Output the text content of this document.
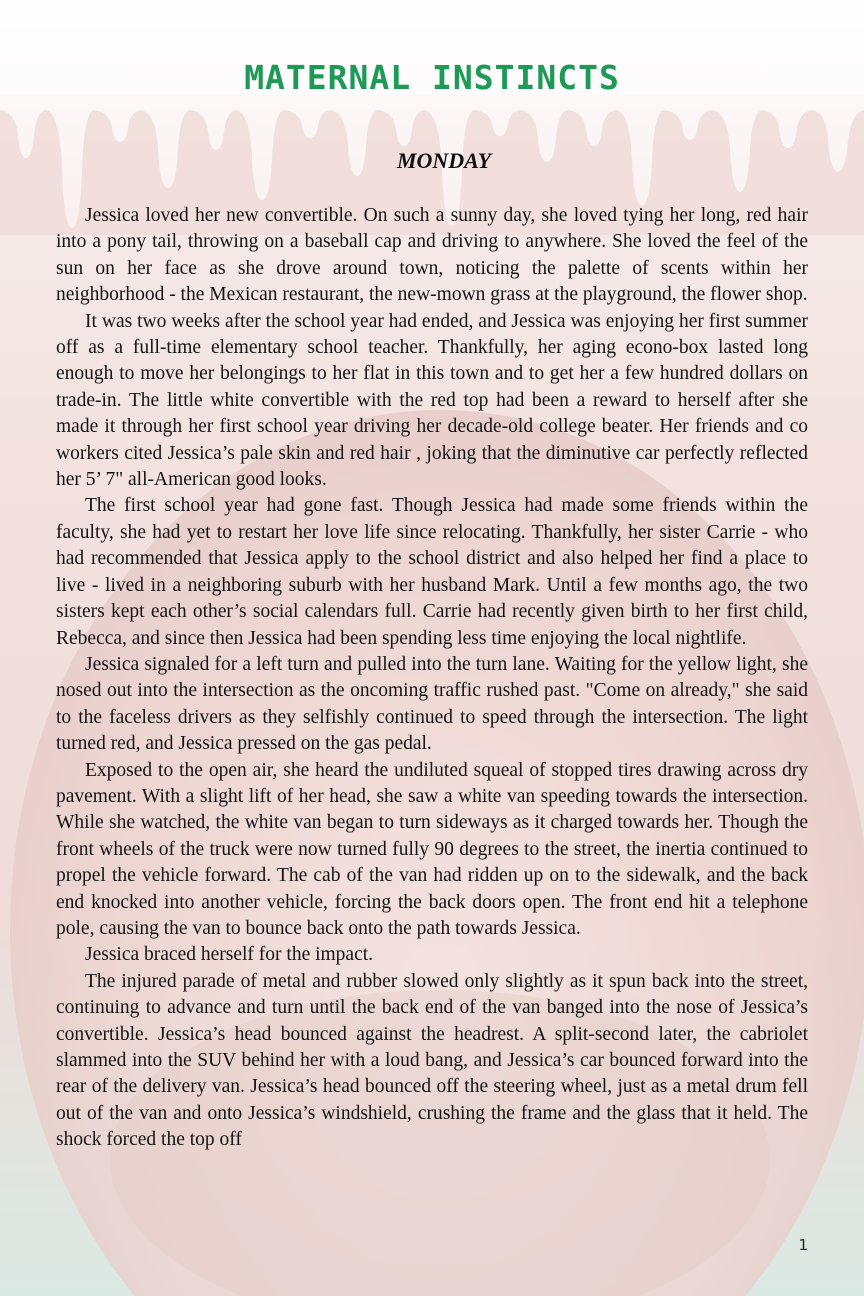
MATERNAL INSTINCTS
MONDAY

Jessica loved her new convertible. On such a sunny day, she loved tying her long, red hair into a pony tail, throwing on a baseball cap and driving to anywhere. She loved the feel of the sun on her face as she drove around town, noticing the palette of scents within her neighborhood - the Mexican restaurant, the new-mown grass at the playground, the flower shop.

It was two weeks after the school year had ended, and Jessica was enjoying her first summer off as a full-time elementary school teacher. Thankfully, her aging econo-box lasted long enough to move her belongings to her flat in this town and to get her a few hundred dollars on trade-in. The little white convertible with the red top had been a reward to herself after she made it through her first school year driving her decade-old college beater. Her friends and co workers cited Jessica’s pale skin and red hair , joking that the diminutive car perfectly reflected her 5’ 7" all-American good looks.

The first school year had gone fast. Though Jessica had made some friends within the faculty, she had yet to restart her love life since relocating. Thankfully, her sister Carrie - who had recommended that Jessica apply to the school district and also helped her find a place to live - lived in a neighboring suburb with her husband Mark. Until a few months ago, the two sisters kept each other’s social calendars full. Carrie had recently given birth to her first child, Rebecca, and since then Jessica had been spending less time enjoying the local nightlife.

Jessica signaled for a left turn and pulled into the turn lane. Waiting for the yellow light, she nosed out into the intersection as the oncoming traffic rushed past. "Come on already," she said to the faceless drivers as they selfishly continued to speed through the intersection. The light turned red, and Jessica pressed on the gas pedal.

Exposed to the open air, she heard the undiluted squeal of stopped tires drawing across dry pavement. With a slight lift of her head, she saw a white van speeding towards the intersection. While she watched, the white van began to turn sideways as it charged towards her. Though the front wheels of the truck were now turned fully 90 degrees to the street, the inertia continued to propel the vehicle forward. The cab of the van had ridden up on to the sidewalk, and the back end knocked into another vehicle, forcing the back doors open. The front end hit a telephone pole, causing the van to bounce back onto the path towards Jessica.

Jessica braced herself for the impact.

The injured parade of metal and rubber slowed only slightly as it spun back into the street, continuing to advance and turn until the back end of the van banged into the nose of Jessica’s convertible. Jessica’s head bounced against the headrest. A split-second later, the cabriolet slammed into the SUV behind her with a loud bang, and Jessica’s car bounced forward into the rear of the delivery van. Jessica’s head bounced off the steering wheel, just as a metal drum fell out of the van and onto Jessica’s windshield, crushing the frame and the glass that it held. The shock forced the top off

1
